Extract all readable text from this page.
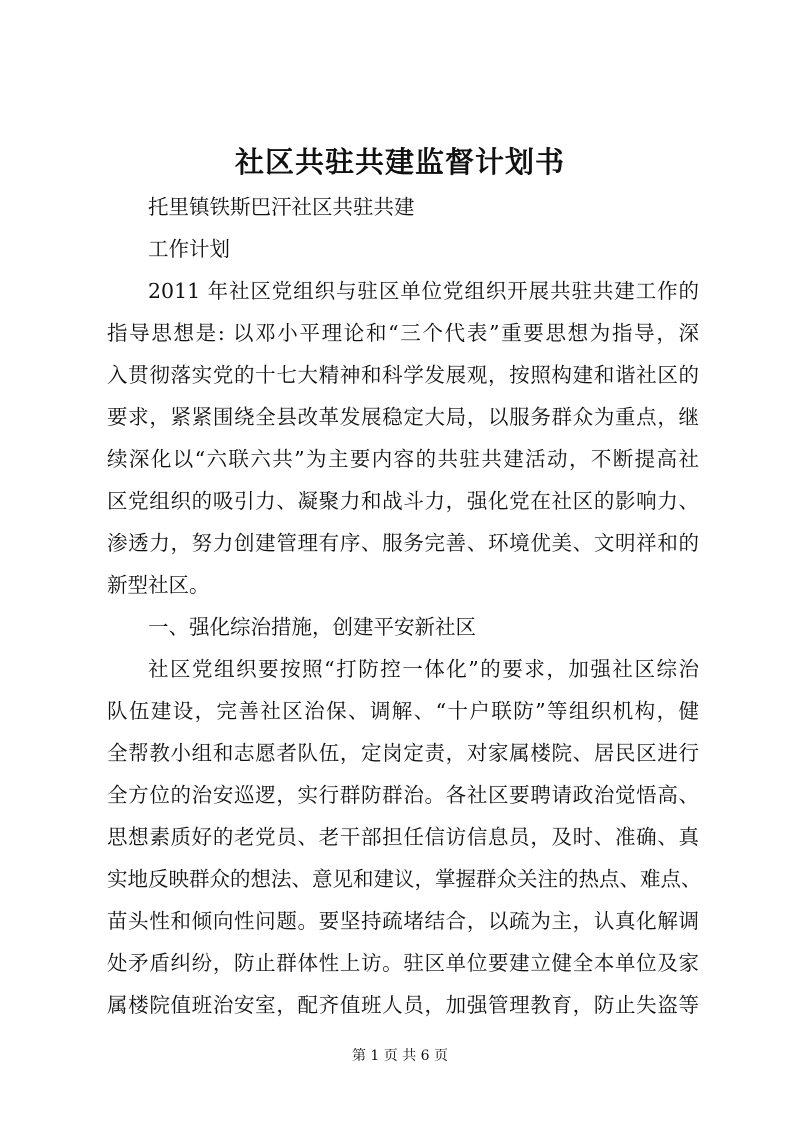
社区共驻共建监督计划书

托里镇铁斯巴汗社区共驻共建

工作计划

2011 年社区党组织与驻区单位党组织开展共驻共建工作的
指导思想是: 以邓小平理论和“三个代表”重要思想为指导，深
入贯彻落实党的十七大精神和科学发展观，按照构建和谐社区的
要求，紧紧围绕全县改革发展稳定大局，以服务群众为重点，继
续深化以“六联六共”为主要内容的共驻共建活动，不断提高社
区党组织的吸引力、凝聚力和战斗力，强化党在社区的影响力、
渗透力，努力创建管理有序、服务完善、环境优美、文明祥和的
新型社区。

一、强化综治措施，创建平安新社区

社区党组织要按照“打防控一体化”的要求，加强社区综治
队伍建设，完善社区治保、调解、“十户联防”等组织机构，健
全帮教小组和志愿者队伍，定岗定责，对家属楼院、居民区进行
全方位的治安巡逻，实行群防群治。各社区要聘请政治觉悟高、
思想素质好的老党员、老干部担任信访信息员，及时、准确、真
实地反映群众的想法、意见和建议，掌握群众关注的热点、难点、
苗头性和倾向性问题。要坚持疏堵结合，以疏为主，认真化解调
处矛盾纠纷，防止群体性上访。驻区单位要建立健全本单位及家
属楼院值班治安室，配齐值班人员，加强管理教育，防止失盗等

第 1 页 共 6 页
